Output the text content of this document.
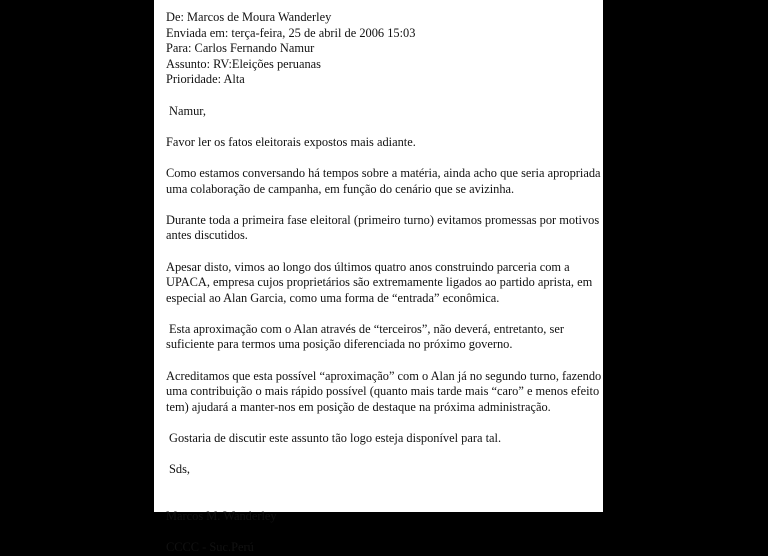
De: Marcos de Moura Wanderley
Enviada em: terça-feira, 25 de abril de 2006 15:03
Para: Carlos Fernando Namur
Assunto: RV:Eleições peruanas
Prioridade: Alta
Namur,
Favor ler os fatos eleitorais expostos mais adiante.
Como estamos conversando há tempos sobre a matéria, ainda acho que seria apropriada
uma colaboração de campanha, em função do cenário que se avizinha.
Durante toda a primeira fase eleitoral (primeiro turno) evitamos promessas por motivos
antes discutidos.
Apesar disto, vimos ao longo dos últimos quatro anos construindo parceria com a
UPACA, empresa cujos proprietários são extremamente ligados ao partido aprista, em
especial ao Alan Garcia, como uma forma de “entrada” econômica.
Esta aproximação com o Alan através de “terceiros”, não deverá, entretanto, ser
suficiente para termos uma posição diferenciada no próximo governo.
Acreditamos que esta possível “aproximação” com o Alan já no segundo turno, fazendo
uma contribuição o mais rápido possível (quanto mais tarde mais “caro” e menos efeito
tem) ajudará a manter-nos em posição de destaque na próxima administração.
Gostaria de discutir este assunto tão logo esteja disponível para tal.
Sds,
Marcos M. Wanderley
CCCC - Suc.Perú
